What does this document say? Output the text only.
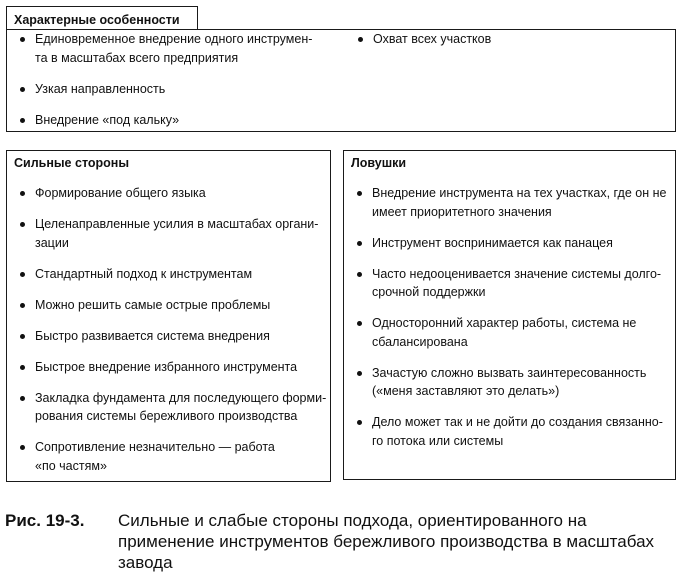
Характерные особенности
Единовременное внедрение одного инструмен-
та в масштабах всего предприятия
Узкая направленность
Внедрение «под кальку»
Охват всех участков
Сильные стороны
Формирование общего языка
Целенаправленные усилия в масштабах органи-
зации
Стандартный подход к инструментам
Можно решить самые острые проблемы
Быстро развивается система внедрения
Быстрое внедрение избранного инструмента
Закладка фундамента для последующего форми-
рования системы бережливого производства
Сопротивление незначительно — работа
«по частям»
Ловушки
Внедрение инструмента на тех участках, где он не
имеет приоритетного значения
Инструмент воспринимается как панацея
Часто недооценивается значение системы долго-
срочной поддержки
Односторонний характер работы, система не
сбалансирована
Зачастую сложно вызвать заинтересованность
(«меня заставляют это делать»)
Дело может так и не дойти до создания связанно-
го потока или системы
Рис. 19-3. Сильные и слабые стороны подхода, ориентированного на применение инструментов бережливого производства в масштабах завода
